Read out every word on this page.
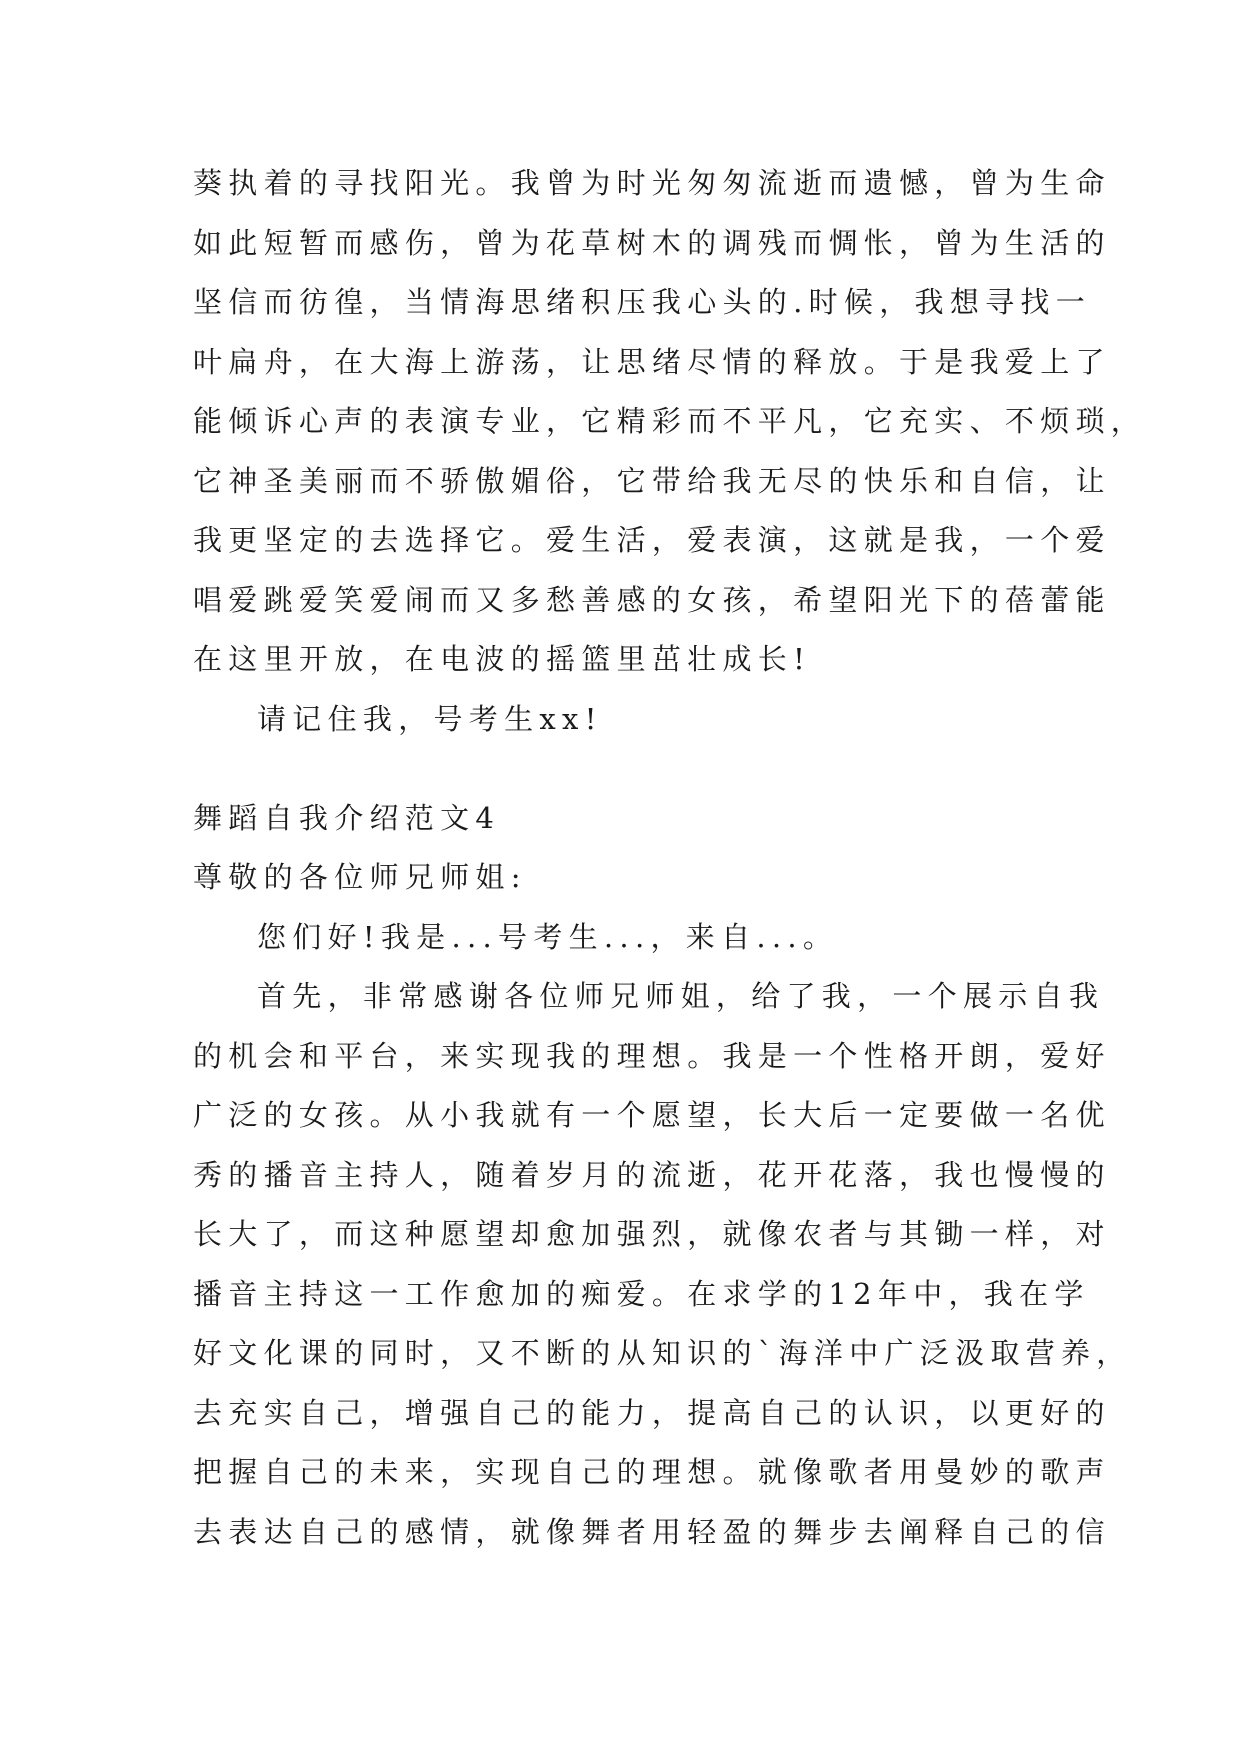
葵执着的寻找阳光。我曾为时光匆匆流逝而遗憾，曾为生命
如此短暂而感伤，曾为花草树木的调残而惆怅，曾为生活的
坚信而彷徨，当情海思绪积压我心头的.时候，我想寻找一
叶扁舟，在大海上游荡，让思绪尽情的释放。于是我爱上了
能倾诉心声的表演专业，它精彩而不平凡，它充实、不烦琐，
它神圣美丽而不骄傲媚俗，它带给我无尽的快乐和自信，让
我更坚定的去选择它。爱生活，爱表演，这就是我，一个爱
唱爱跳爱笑爱闹而又多愁善感的女孩，希望阳光下的蓓蕾能
在这里开放，在电波的摇篮里茁壮成长!
请记住我，号考生xx!
舞蹈自我介绍范文4
尊敬的各位师兄师姐:
您们好!我是...号考生...，来自...。
首先，非常感谢各位师兄师姐，给了我，一个展示自我
的机会和平台，来实现我的理想。我是一个性格开朗，爱好
广泛的女孩。从小我就有一个愿望，长大后一定要做一名优
秀的播音主持人，随着岁月的流逝，花开花落，我也慢慢的
长大了，而这种愿望却愈加强烈，就像农者与其锄一样，对
播音主持这一工作愈加的痴爱。在求学的12年中，我在学
好文化课的同时，又不断的从知识的`海洋中广泛汲取营养，
去充实自己，增强自己的能力，提高自己的认识，以更好的
把握自己的未来，实现自己的理想。就像歌者用曼妙的歌声
去表达自己的感情，就像舞者用轻盈的舞步去阐释自己的信
